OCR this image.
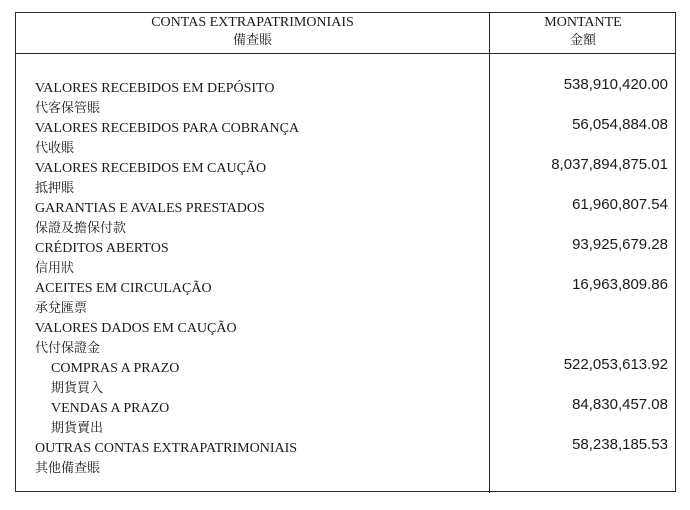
CONTAS EXTRAPATRIMONIAIS
備查賬
MONTANTE
金額
VALORES RECEBIDOS EM DEPÓSITO
代客保管賬
538,910,420.00
VALORES RECEBIDOS PARA COBRANÇA
代收賬
56,054,884.08
VALORES RECEBIDOS EM CAUÇÃO
抵押賬
8,037,894,875.01
GARANTIAS E AVALES PRESTADOS
保證及擔保付款
61,960,807.54
CRÉDITOS ABERTOS
信用狀
93,925,679.28
ACEITES EM CIRCULAÇÃO
承兌匯票
16,963,809.86
VALORES DADOS EM CAUÇÃO
代付保證金
COMPRAS A PRAZO
期貨買入
522,053,613.92
VENDAS A PRAZO
期貨賣出
84,830,457.08
OUTRAS CONTAS EXTRAPATRIMONIAIS
其他備查賬
58,238,185.53
